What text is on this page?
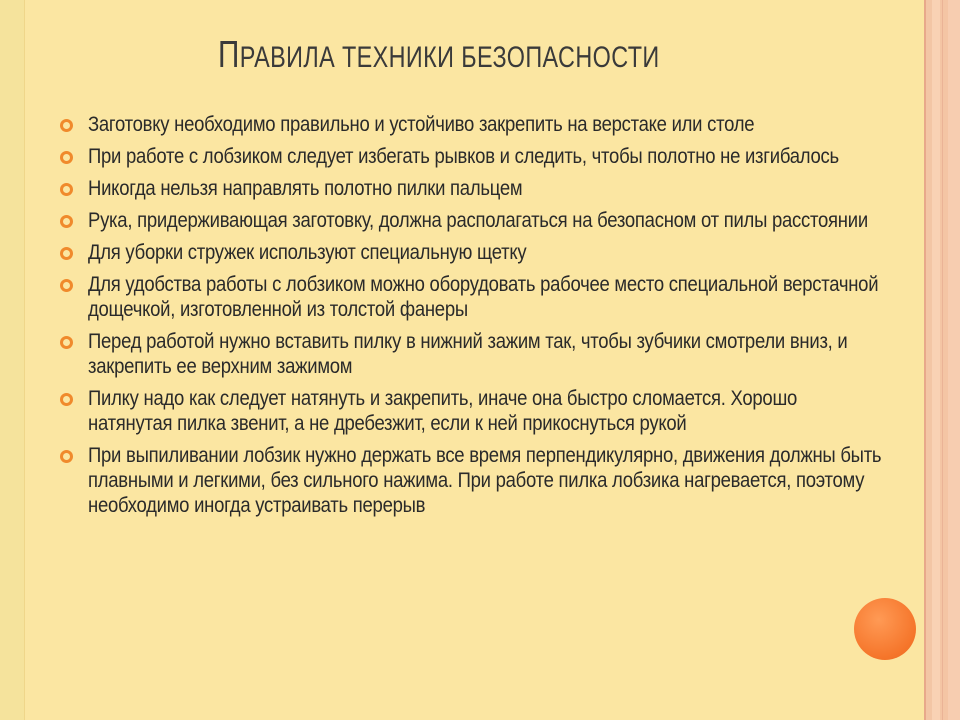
ПРАВИЛА ТЕХНИКИ БЕЗОПАСНОСТИ
Заготовку необходимо правильно и устойчиво закрепить на верстаке или столе
При работе с лобзиком следует избегать рывков и следить, чтобы полотно не изгибалось
Никогда нельзя направлять полотно пилки пальцем
Рука, придерживающая заготовку, должна располагаться на безопасном от пилы расстоянии
Для уборки стружек используют специальную щетку
Для удобства работы с лобзиком можно оборудовать рабочее место специальной верстачной дощечкой, изготовленной из толстой фанеры
Перед работой нужно вставить пилку в нижний зажим так, чтобы зубчики смотрели вниз, и закрепить ее верхним зажимом
Пилку надо как следует натянуть и закрепить, иначе она быстро сломается. Хорошо натянутая пилка звенит, а не дребезжит, если к ней прикоснуться рукой
При выпиливании лобзик нужно держать все время перпендикулярно, движения должны быть плавными и легкими, без сильного нажима. При работе пилка лобзика нагревается, поэтому необходимо иногда устраивать перерыв
